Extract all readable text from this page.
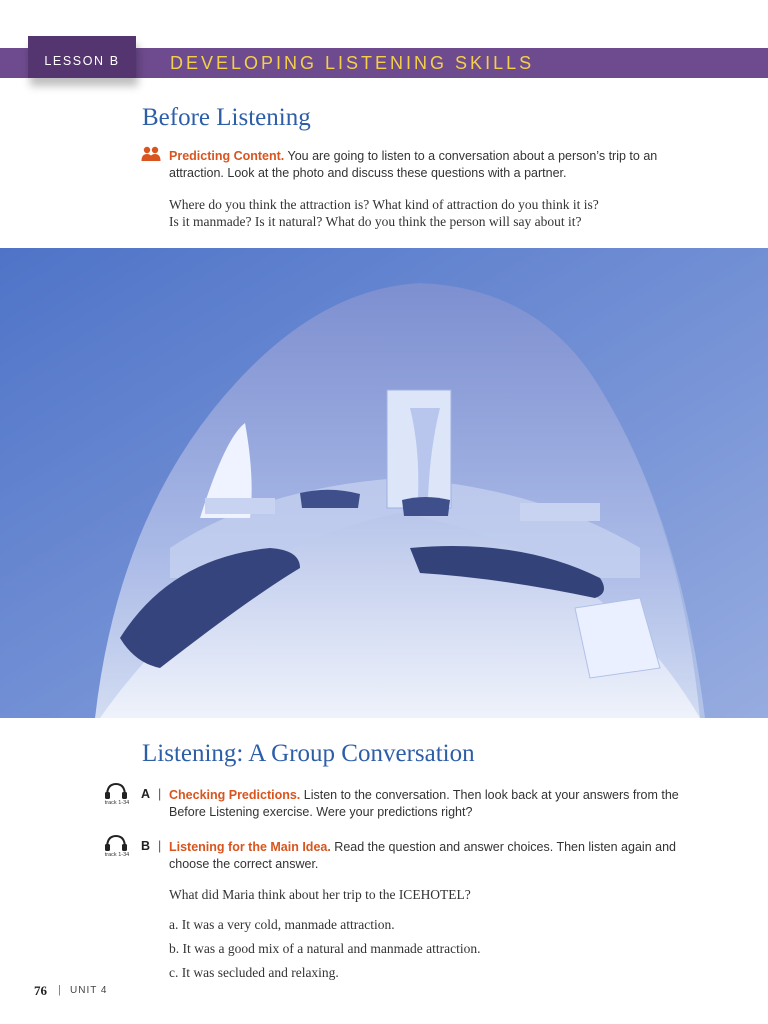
LESSON B	DEVELOPING LISTENING SKILLS
Before Listening
Predicting Content. You are going to listen to a conversation about a person’s trip to an
attraction. Look at the photo and discuss these questions with a partner.
Where do you think the attraction is? What kind of attraction do you think it is?
Is it manmade? Is it natural? What do you think the person will say about it?
Listening: A Group Conversation
track 1-34
A | Checking Predictions. Listen to the conversation. Then look back at your answers from the
Before Listening exercise. Were your predictions right?
track 1-34
B | Listening for the Main Idea. Read the question and answer choices. Then listen again and
choose the correct answer.
What did Maria think about her trip to the ICEHOTEL?
a. It was a very cold, manmade attraction.
b. It was a good mix of a natural and manmade attraction.
c. It was secluded and relaxing.
76 | UNIT 4
